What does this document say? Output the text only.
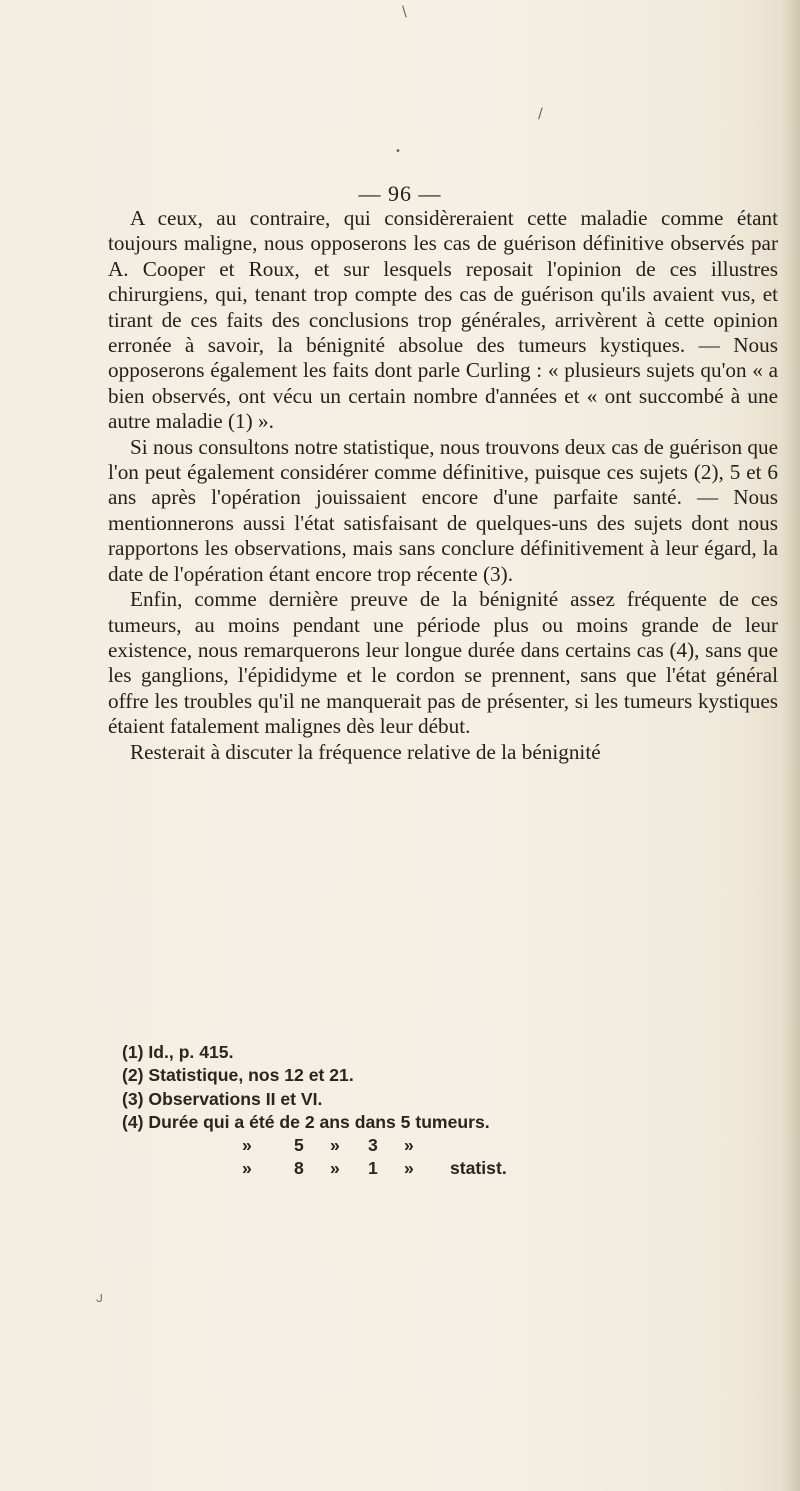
\
/
•
ᒍ
— 96 —

A ceux, au contraire, qui considèreraient cette maladie comme étant toujours maligne, nous opposerons les cas de guérison définitive observés par A. Cooper et Roux, et sur lesquels reposait l'opinion de ces illustres chirurgiens, qui, tenant trop compte des cas de guérison qu'ils avaient vus, et tirant de ces faits des conclusions trop générales, arrivèrent à cette opinion erronée à savoir, la bénignité absolue des tumeurs kystiques. — Nous opposerons également les faits dont parle Curling : « plusieurs sujets qu'on « a bien observés, ont vécu un certain nombre d'années et « ont succombé à une autre maladie (1) ».

Si nous consultons notre statistique, nous trouvons deux cas de guérison que l'on peut également considérer comme définitive, puisque ces sujets (2), 5 et 6 ans après l'opération jouissaient encore d'une parfaite santé. — Nous mentionnerons aussi l'état satisfaisant de quelques-uns des sujets dont nous rapportons les observations, mais sans conclure définitivement à leur égard, la date de l'opération étant encore trop récente (3).

Enfin, comme dernière preuve de la bénignité assez fréquente de ces tumeurs, au moins pendant une période plus ou moins grande de leur existence, nous remarquerons leur longue durée dans certains cas (4), sans que les ganglions, l'épididyme et le cordon se prennent, sans que l'état général offre les troubles qu'il ne manquerait pas de présenter, si les tumeurs kystiques étaient fatalement malignes dès leur début.

Resterait à discuter la fréquence relative de la bénignité

(1) Id., p. 415.

(2) Statistique, nos 12 et 21.

(3) Observations II et VI.

(4) Durée qui a été de 2 ans dans 5 tumeurs.

» 5 » 3 »

» 8 » 1 » statist.
